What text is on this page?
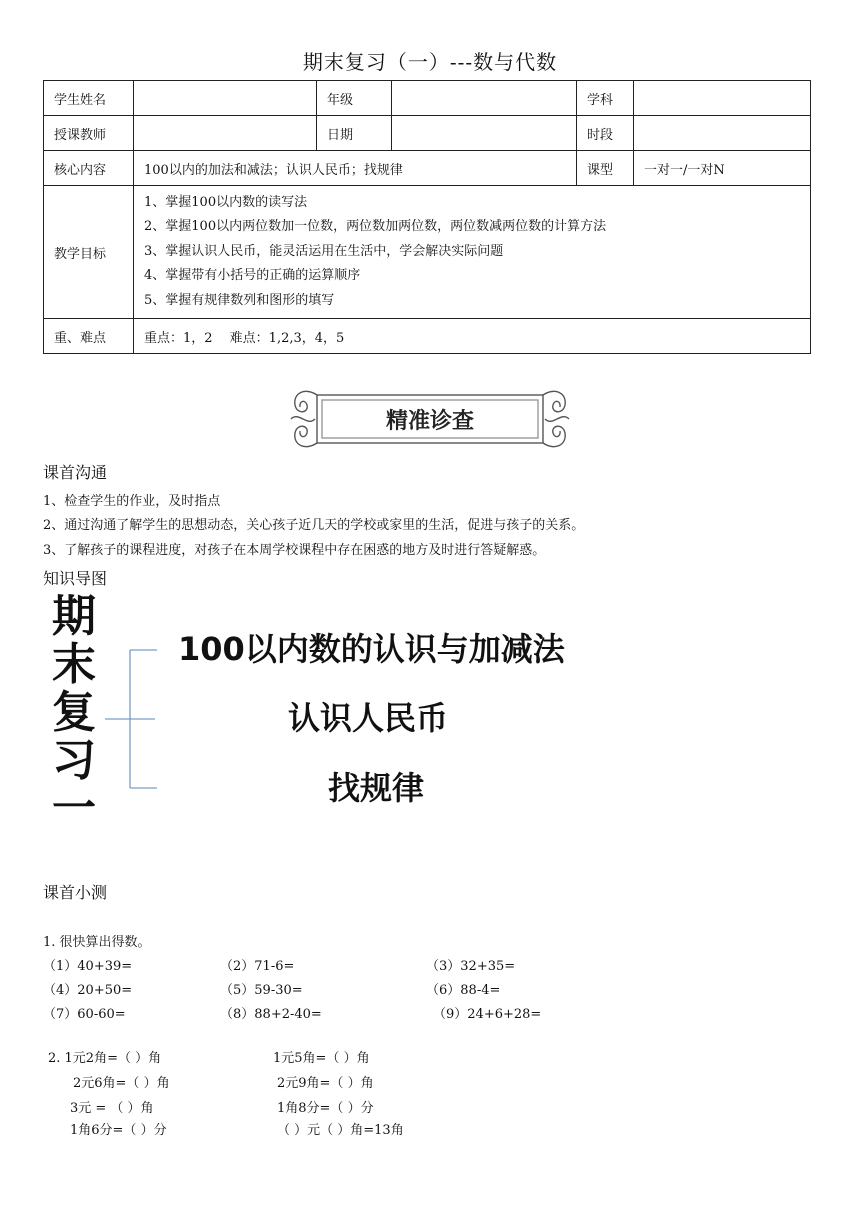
期末复习（一）---数与代数
学生姓名		年级		学科	
授课教师		日期		时段	
核心内容	100以内的加法和减法；认识人民币；找规律			课型	一对一/一对N
教学目标	1、掌握100以内数的读写法
2、掌握100以内两位数加一位数，两位数加两位数，两位数减两位数的计算方法
3、掌握认识人民币，能灵活运用在生活中，学会解决实际问题
4、掌握带有小括号的正确的运算顺序
5、掌握有规律数列和图形的填写				

重、难点	重点：1，2　 难点：1,2,3，4，5				
精准诊查
课首沟通
1、检查学生的作业，及时指点
2、通过沟通了解学生的思想动态，关心孩子近几天的学校或家里的生活，促进与孩子的关系。
3、了解孩子的课程进度，对孩子在本周学校课程中存在困惑的地方及时进行答疑解惑。
知识导图
期
末
复
习
一
100以内数的认识与加减法
认识人民币
找规律
课首小测
1. 很快算出得数。
（1）40+39=	（2）71-6=	（3）32+35=
（4）20+50=	（5）59-30=	（6）88-4=
（7）60-60=	（8）88+2-40=	（9）24+6+28=
2. 1元2角=（ ）角	1元5角=（ ）角
2元6角=（ ）角	2元9角=（ ）角
3元 = （ ）角	1角8分=（ ）分
1角6分=（ ）分	（ ）元（ ）角=13角
